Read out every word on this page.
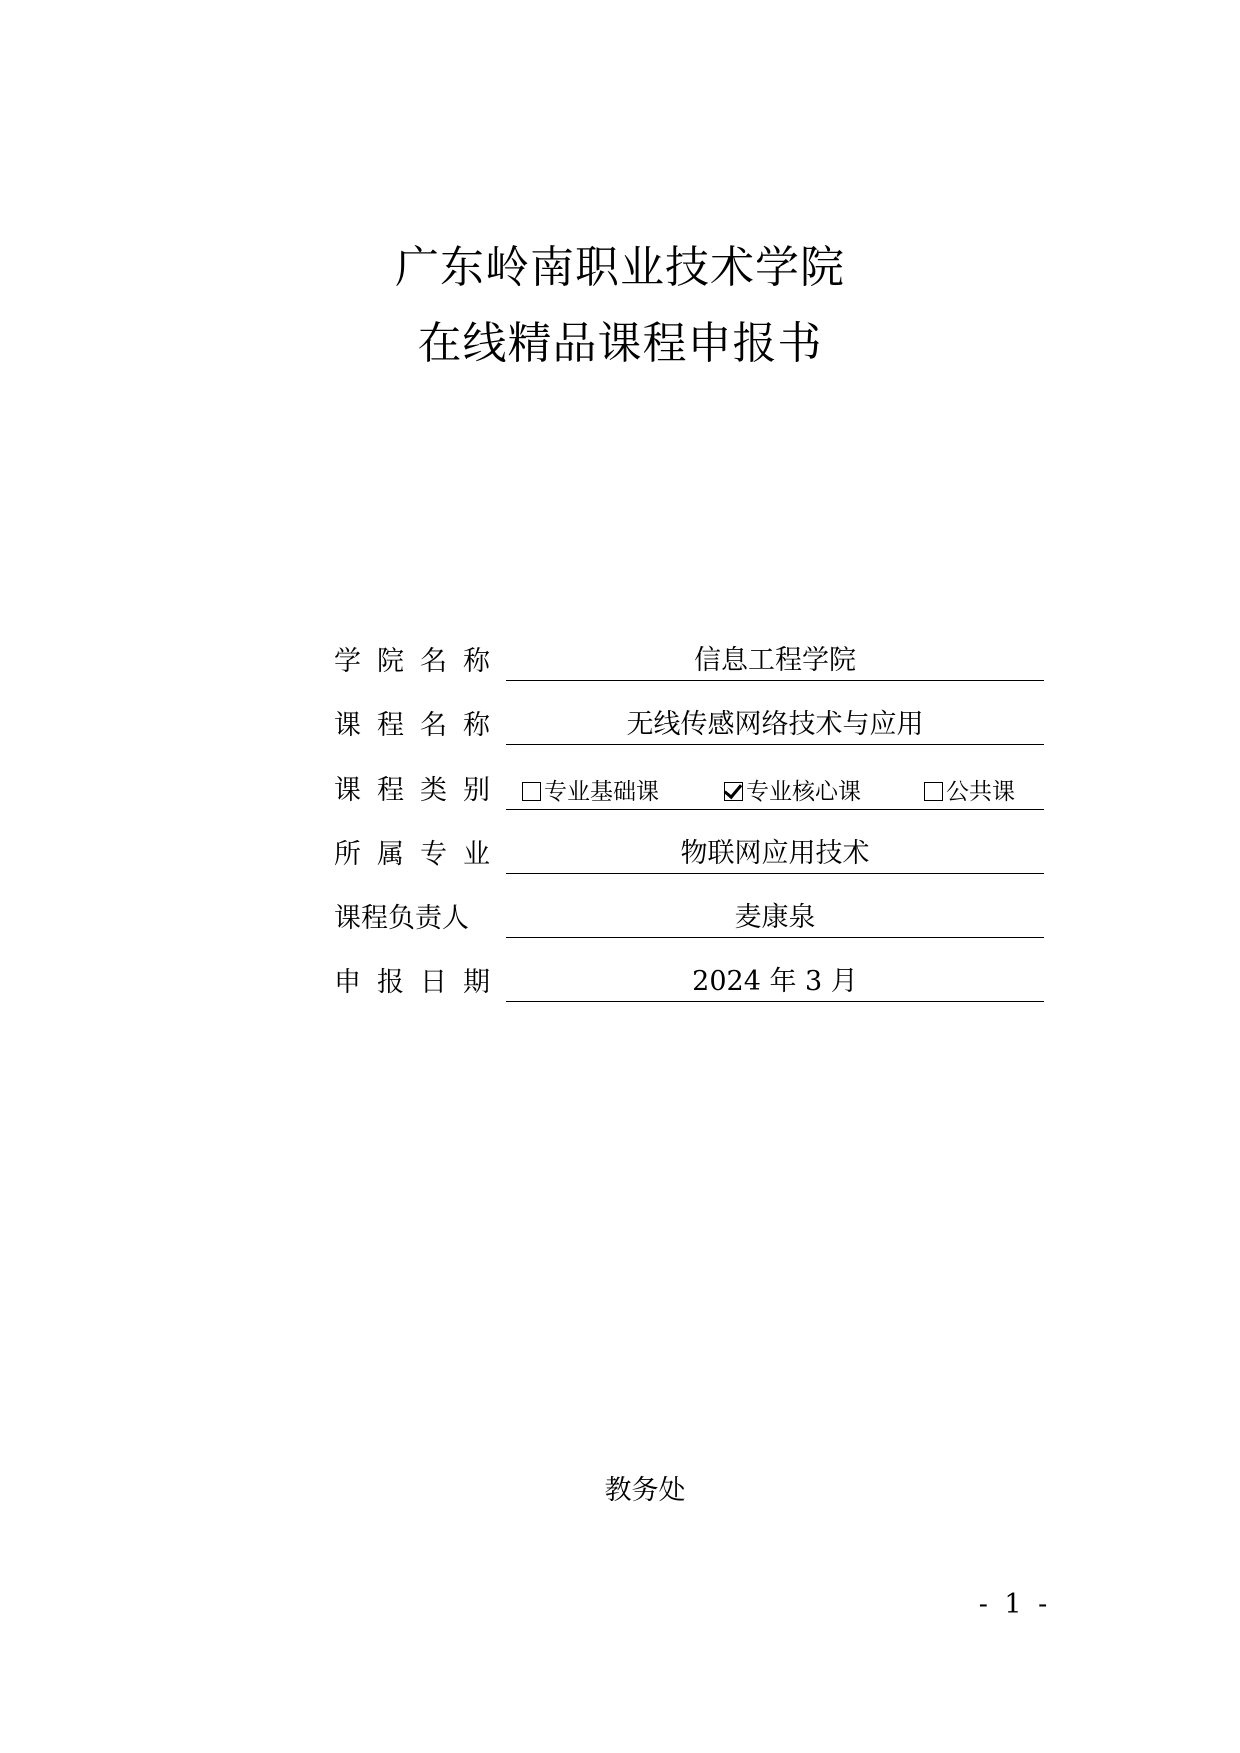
广东岭南职业技术学院
在线精品课程申报书
学 院 名 称	信息工程学院
课 程 名 称	无线传感网络技术与应用
课 程 类 别 专业基础课	专业核心课	公共课
所 属 专 业	物联网应用技术
课程负责人	麦康泉
申 报 日 期	2024 年 3 月
教务处
- 1 -
